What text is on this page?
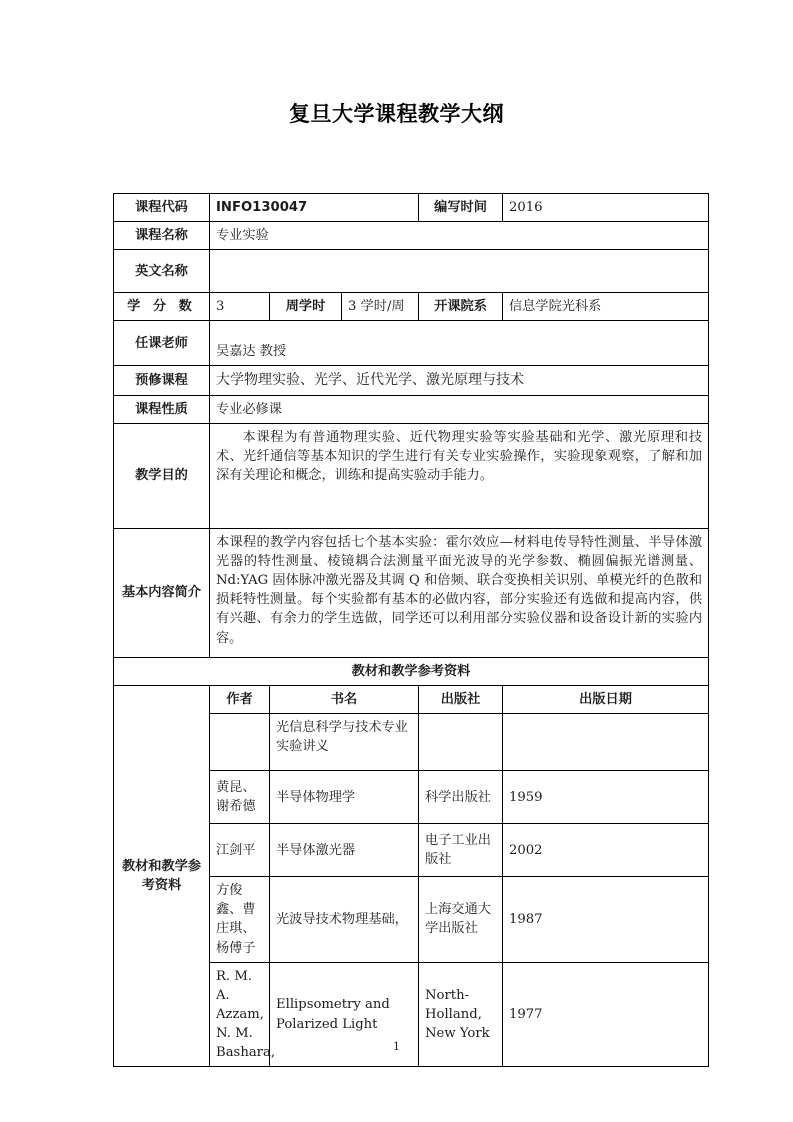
复旦大学课程教学大纲
课程代码	INFO130047			编写时间	2016
课程名称	专业实验				
英文名称					
学 分 数	3	周学时	3 学时/周	开课院系	信息学院光科系
任课老师	吴嘉达 教授				
预修课程	大学物理实验、光学、近代光学、激光原理与技术				
课程性质	专业必修课				
教学目的	本课程为有普通物理实验、近代物理实验等实验基础和光学、激光原理和技术、光纤通信等基本知识的学生进行有关专业实验操作，实验现象观察，了解和加深有关理论和概念，训练和提高实验动手能力。				

基本内容简介	本课程的教学内容包括七个基本实验：霍尔效应—材料电传导特性测量、半导体激光器的特性测量、棱镜耦合法测量平面光波导的光学参数、椭圆偏振光谱测量、Nd:YAG 固体脉冲激光器及其调 Q 和倍频、联合变换相关识别、单模光纤的色散和损耗特性测量。每个实验都有基本的必做内容，部分实验还有选做和提高内容，供有兴趣、有余力的学生选做，同学还可以利用部分实验仪器和设备设计新的实验内容。				

教材和教学参考资料					
教材和教学参考资料	作者	书名		出版社	出版日期
		光信息科学与技术专业实验讲义			
	黄昆、谢希德	半导体物理学		科学出版社	1959
	江剑平	半导体激光器		电子工业出版社	2002
	方俊鑫、曹庄琪、杨傅子	光波导技术物理基础，		上海交通大学出版社	1987
	R. M. A. Azzam, N. M. Bashara,	Ellipsometry and Polarized Light		North-Holland, New York	1977
1
